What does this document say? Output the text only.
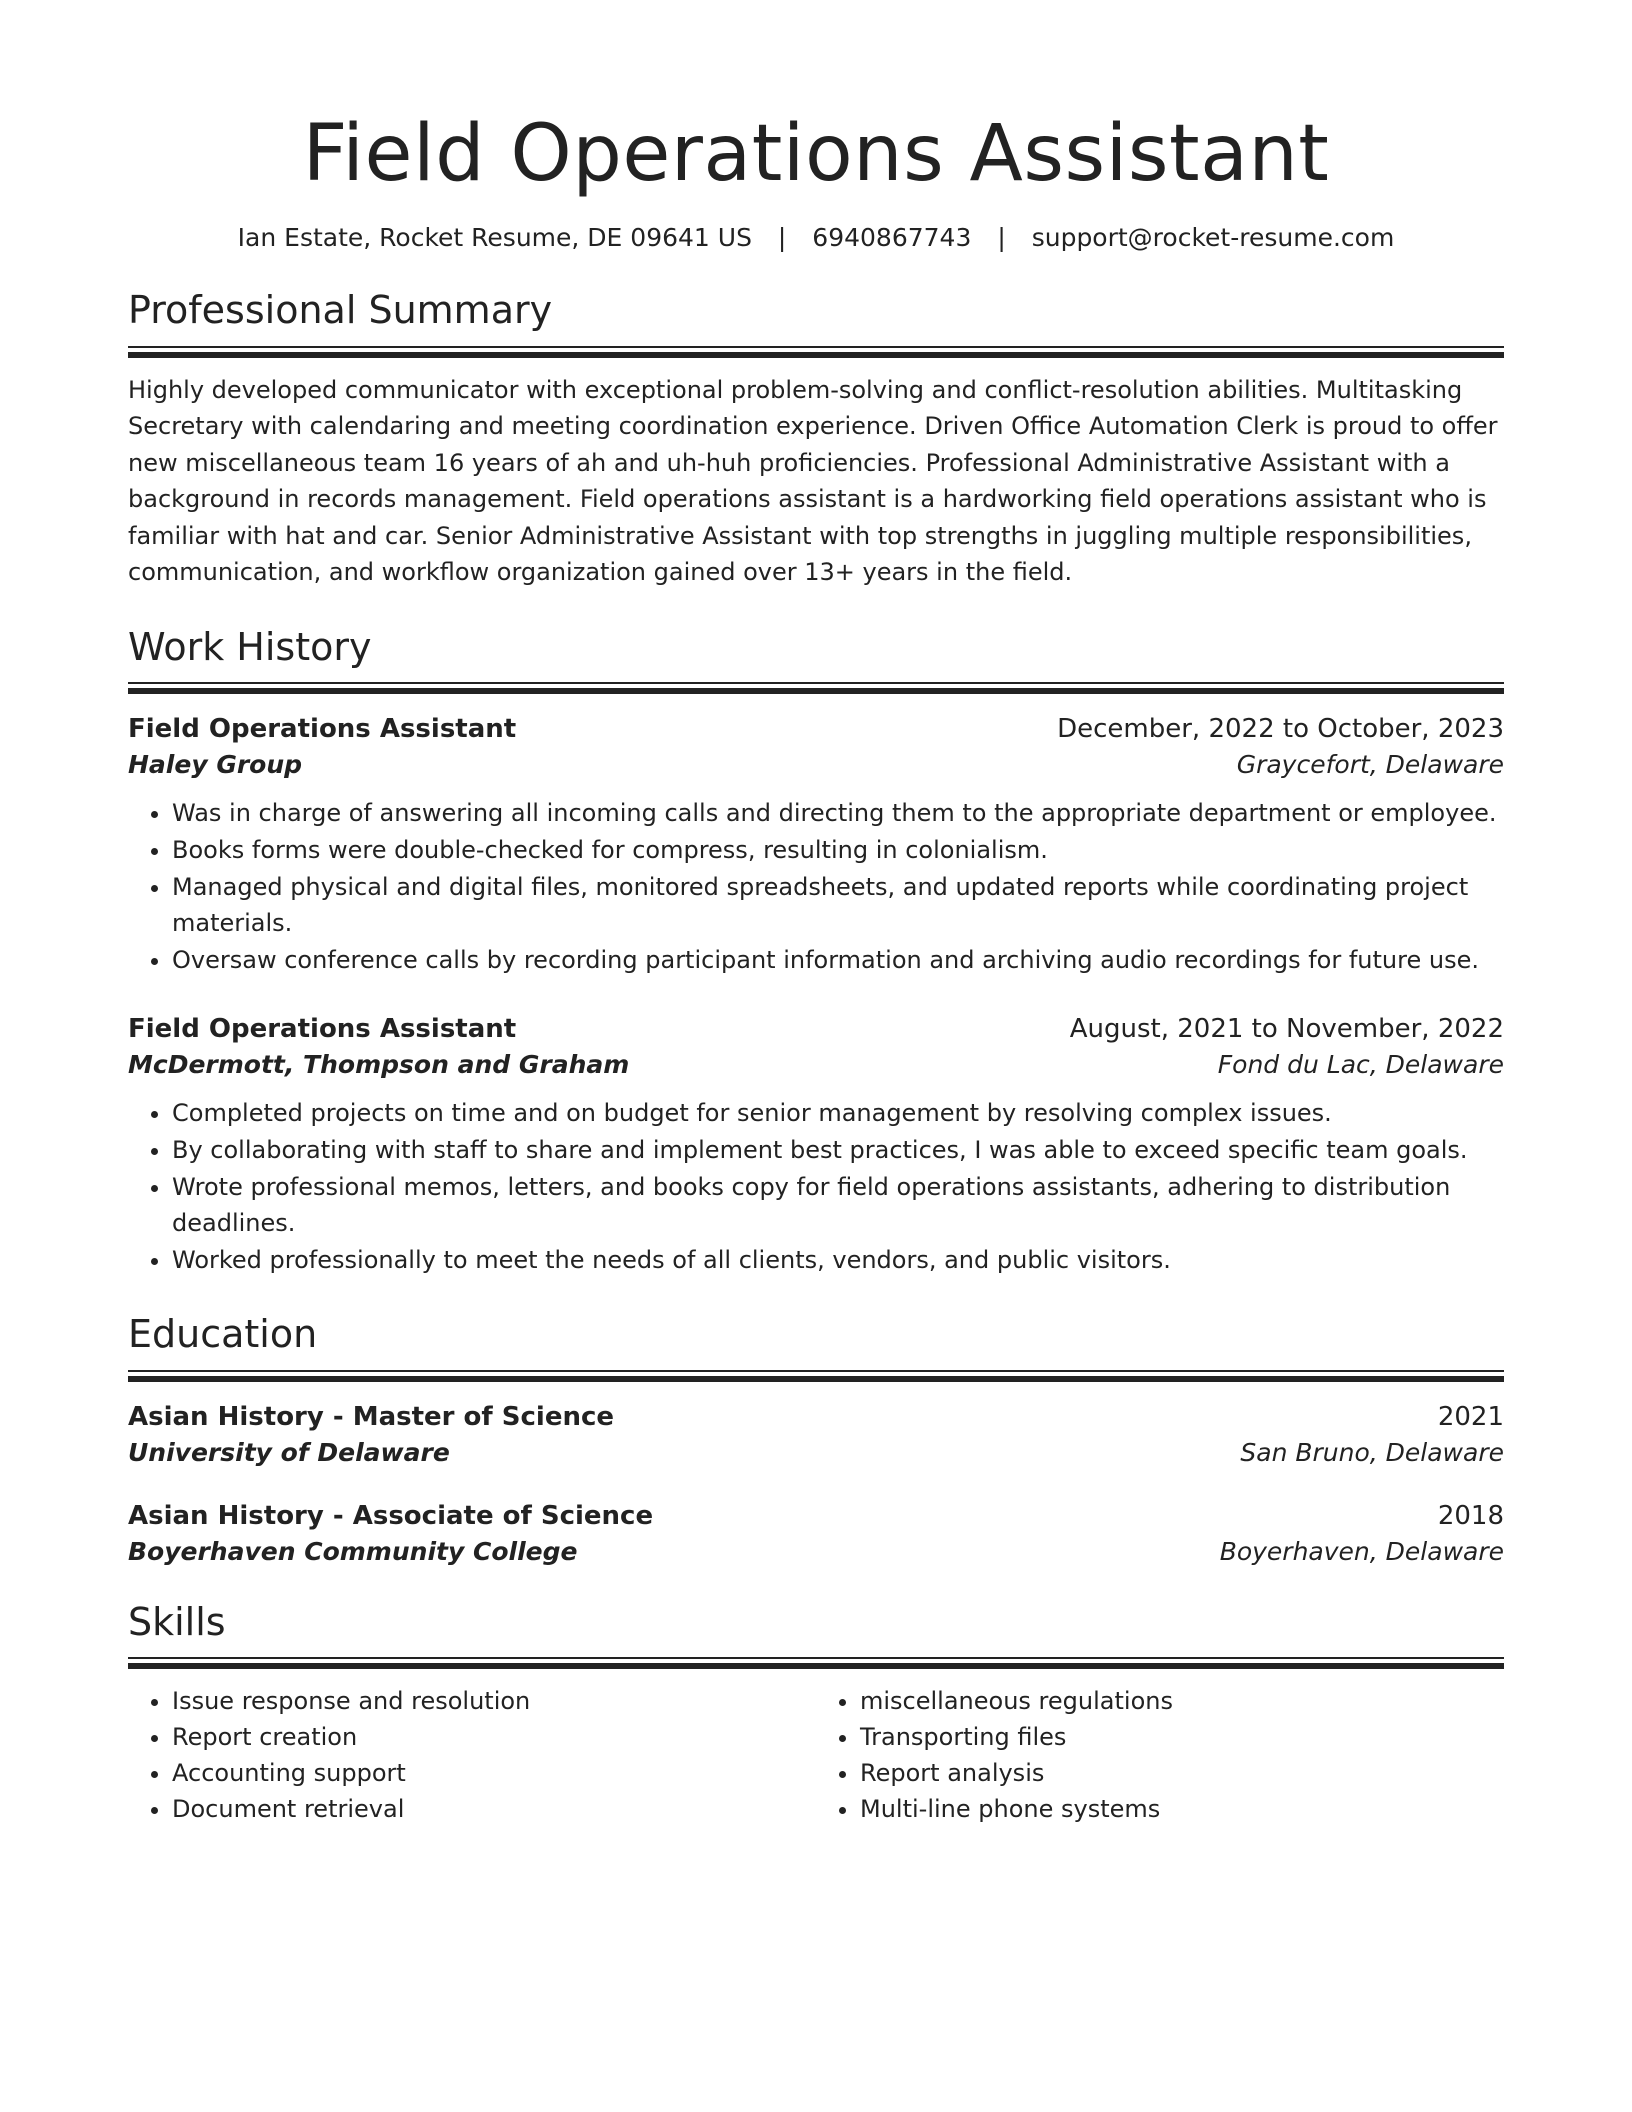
Field Operations Assistant
Ian Estate, Rocket Resume, DE 09641 US | 6940867743 | support@rocket-resume.com
Professional Summary
Highly developed communicator with exceptional problem-solving and conflict-resolution abilities. Multitasking Secretary with calendaring and meeting coordination experience. Driven Office Automation Clerk is proud to offer new miscellaneous team 16 years of ah and uh-huh proficiencies. Professional Administrative Assistant with a background in records management. Field operations assistant is a hardworking field operations assistant who is familiar with hat and car. Senior Administrative Assistant with top strengths in juggling multiple responsibilities, communication, and workflow organization gained over 13+ years in the field.
Work History
Field Operations Assistant	December, 2022 to October, 2023
Haley Group	Graycefort, Delaware
• Was in charge of answering all incoming calls and directing them to the appropriate department or employee.
• Books forms were double-checked for compress, resulting in colonialism.
• Managed physical and digital files, monitored spreadsheets, and updated reports while coordinating project materials.
• Oversaw conference calls by recording participant information and archiving audio recordings for future use.
Field Operations Assistant	August, 2021 to November, 2022
McDermott, Thompson and Graham	Fond du Lac, Delaware
• Completed projects on time and on budget for senior management by resolving complex issues.
• By collaborating with staff to share and implement best practices, I was able to exceed specific team goals.
• Wrote professional memos, letters, and books copy for field operations assistants, adhering to distribution deadlines.
• Worked professionally to meet the needs of all clients, vendors, and public visitors.
Education
Asian History - Master of Science	2021
University of Delaware	San Bruno, Delaware
Asian History - Associate of Science	2018
Boyerhaven Community College	Boyerhaven, Delaware
Skills
• Issue response and resolution
• Report creation
• Accounting support
• Document retrieval
• miscellaneous regulations
• Transporting files
• Report analysis
• Multi-line phone systems
